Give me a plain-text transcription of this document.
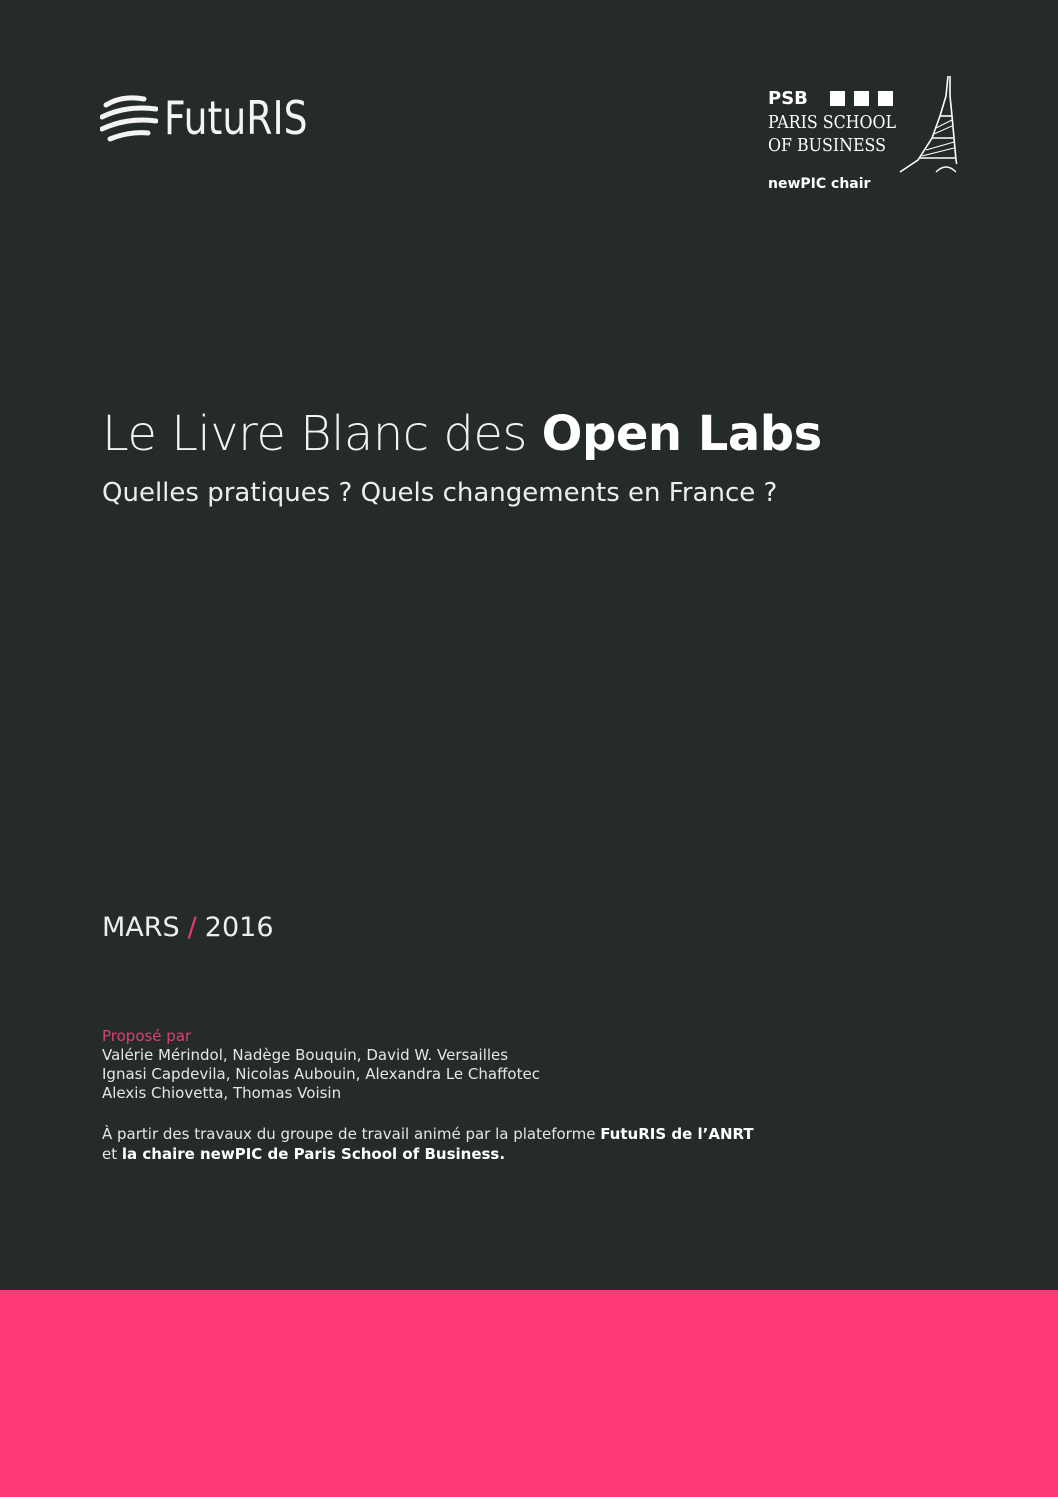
FutuRIS	PSB
PARIS SCHOOL
OF BUSINESS
newPIC chair
Le Livre Blanc des Open Labs
Quelles pratiques ? Quels changements en France ?
MARS / 2016
Proposé par
Valérie Mérindol, Nadège Bouquin, David W. Versailles
Ignasi Capdevila, Nicolas Aubouin, Alexandra Le Chaffotec
Alexis Chiovetta, Thomas Voisin
À partir des travaux du groupe de travail animé par la plateforme FutuRIS de l’ANRT
et la chaire newPIC de Paris School of Business.
